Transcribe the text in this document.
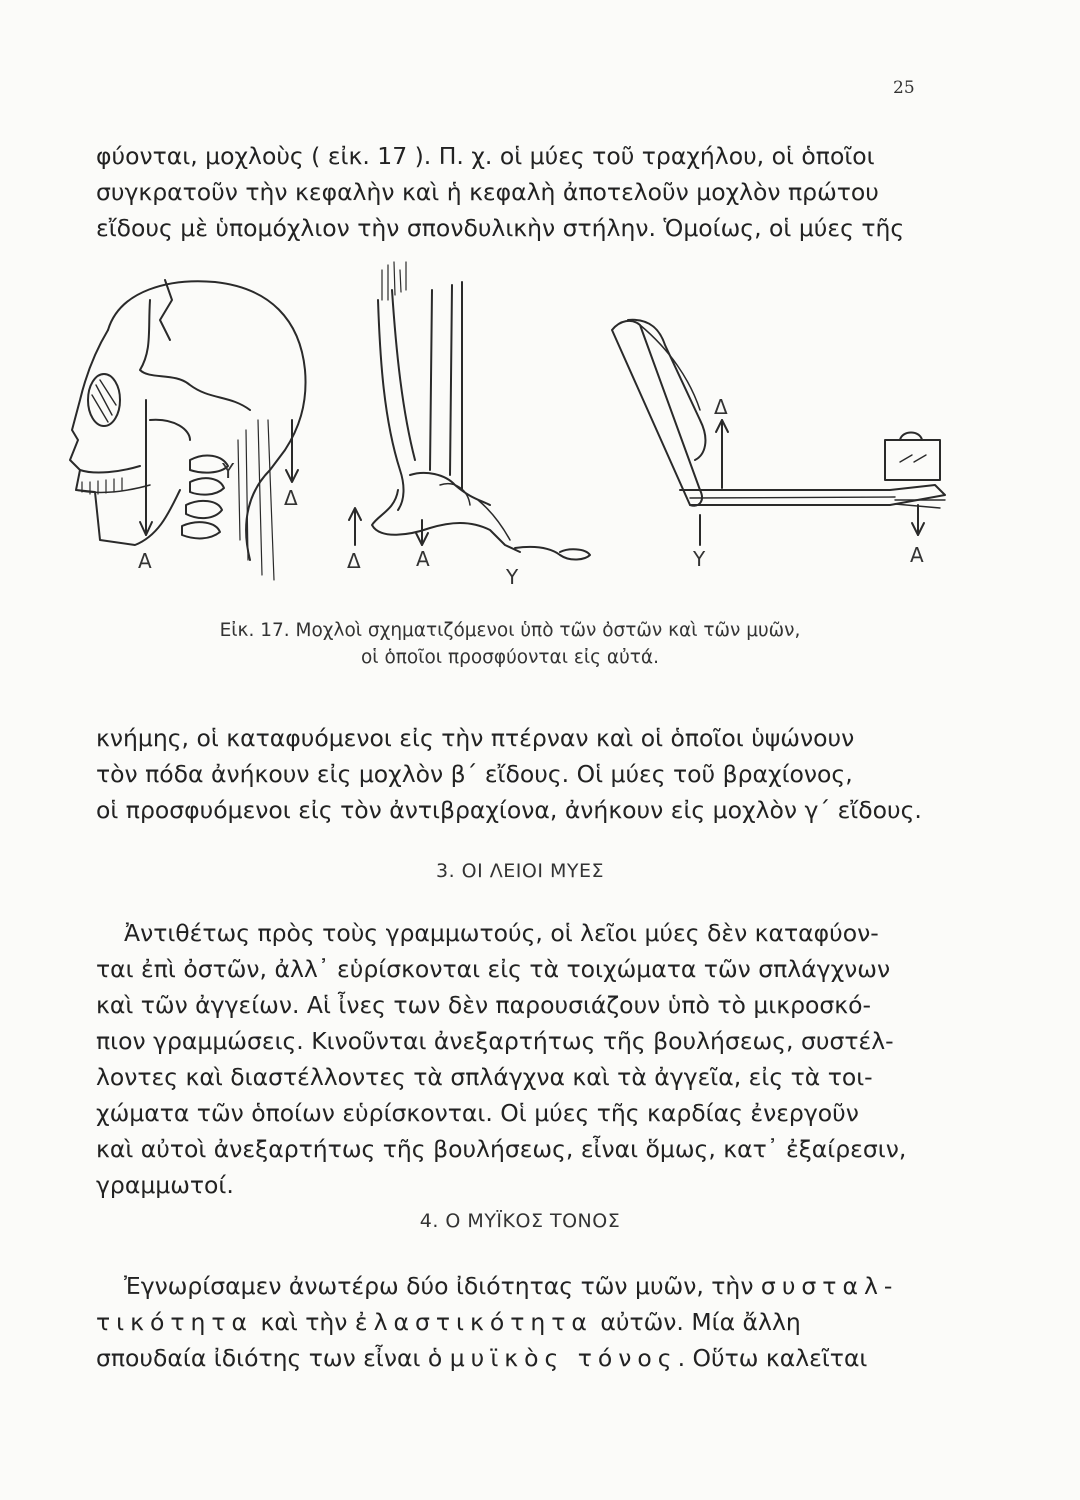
25

φύονται, μοχλοὺς ( εἰκ. 17 ). Π. χ. οἱ μύες τοῦ τραχήλου, οἱ ὁποῖοι
συγκρατοῦν τὴν κεφαλὴν καὶ ἡ κεφαλὴ ἀποτελοῦν μοχλὸν πρώτου
εἴδους μὲ ὑπομόχλιον τὴν σπονδυλικὴν στήλην. Ὁμοίως, οἱ μύες τῆς

A
Y
Δ
Δ	A
Y
Δ
Y	A
Εἰκ. 17. Μοχλοὶ σχηματιζόμενοι ὑπὸ τῶν ὀστῶν καὶ τῶν μυῶν,
οἱ ὁποῖοι προσφύονται εἰς αὐτά.

κνήμης, οἱ καταφυόμενοι εἰς τὴν πτέρναν καὶ οἱ ὁποῖοι ὑψώνουν
τὸν πόδα ἀνήκουν εἰς μοχλὸν β΄ εἴδους. Οἱ μύες τοῦ βραχίονος,
οἱ προσφυόμενοι εἰς τὸν ἀντιβραχίονα, ἀνήκουν εἰς μοχλὸν γ΄ εἴδους.

3. ΟΙ ΛΕΙΟΙ ΜΥΕΣ

Ἀντιθέτως πρὸς τοὺς γραμμωτούς, οἱ λεῖοι μύες δὲν καταφύον-
ται ἐπὶ ὀστῶν, ἀλλ᾽ εὑρίσκονται εἰς τὰ τοιχώματα τῶν σπλάγχνων
καὶ τῶν ἀγγείων. Αἱ ἶνες των δὲν παρουσιάζουν ὑπὸ τὸ μικροσκό-
πιον γραμμώσεις. Κινοῦνται ἀνεξαρτήτως τῆς βουλήσεως, συστέλ-
λοντες καὶ διαστέλλοντες τὰ σπλάγχνα καὶ τὰ ἀγγεῖα, εἰς τὰ τοι-
χώματα τῶν ὁποίων εὑρίσκονται. Οἱ μύες τῆς καρδίας ἐνεργοῦν
καὶ αὐτοὶ ἀνεξαρτήτως τῆς βουλήσεως, εἶναι ὅμως, κατ᾽ ἐξαίρεσιν,
γραμμωτοί.

4. Ο ΜΥΪΚΟΣ ΤΟΝΟΣ

Ἐγνωρίσαμεν ἀνωτέρω δύο ἰδιότητας τῶν μυῶν, τὴν συσταλ-
τικότητα καὶ τὴν ἐλαστικότητα αὐτῶν. Μία ἄλλη
σπουδαία ἰδιότης των εἶναι ὁ μυϊκὸς τόνος. Οὕτω καλεῖται
